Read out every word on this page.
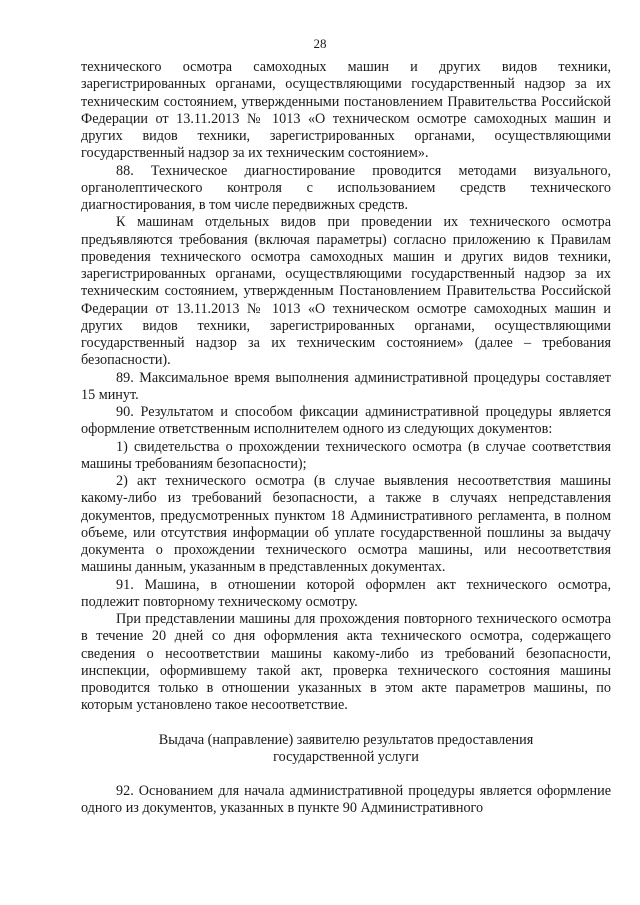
28

технического осмотра самоходных машин и других видов техники, зарегистрированных органами, осуществляющими государственный надзор за их техническим состоянием, утвержденными постановлением Правительства Российской Федерации от 13.11.2013 № 1013 «О техническом осмотре самоходных машин и других видов техники, зарегистрированных органами, осуществляющими государственный надзор за их техническим состоянием».

88. Техническое диагностирование проводится методами визуального, органолептического контроля с использованием средств технического диагностирования, в том числе передвижных средств.

К машинам отдельных видов при проведении их технического осмотра предъявляются требования (включая параметры) согласно приложению к Правилам проведения технического осмотра самоходных машин и других видов техники, зарегистрированных органами, осуществляющими государственный надзор за их техническим состоянием, утвержденным Постановлением Правительства Российской Федерации от 13.11.2013 № 1013 «О техническом осмотре самоходных машин и других видов техники, зарегистрированных органами, осуществляющими государственный надзор за их техническим состоянием» (далее – требования безопасности).

89. Максимальное время выполнения административной процедуры составляет 15 минут.

90. Результатом и способом фиксации административной процедуры является оформление ответственным исполнителем одного из следующих документов:

1) свидетельства о прохождении технического осмотра (в случае соответствия машины требованиям безопасности);

2) акт технического осмотра (в случае выявления несоответствия машины какому-либо из требований безопасности, а также в случаях непредставления документов, предусмотренных пунктом 18 Административного регламента, в полном объеме, или отсутствия информации об уплате государственной пошлины за выдачу документа о прохождении технического осмотра машины, или несоответствия машины данным, указанным в представленных документах.

91. Машина, в отношении которой оформлен акт технического осмотра, подлежит повторному техническому осмотру.

При представлении машины для прохождения повторного технического осмотра в течение 20 дней со дня оформления акта технического осмотра, содержащего сведения о несоответствии машины какому-либо из требований безопасности, инспекции, оформившему такой акт, проверка технического состояния машины проводится только в отношении указанных в этом акте параметров машины, по которым установлено такое несоответствие.

Выдача (направление) заявителю результатов предоставления государственной услуги

92. Основанием для начала административной процедуры является оформление одного из документов, указанных в пункте 90 Административного
